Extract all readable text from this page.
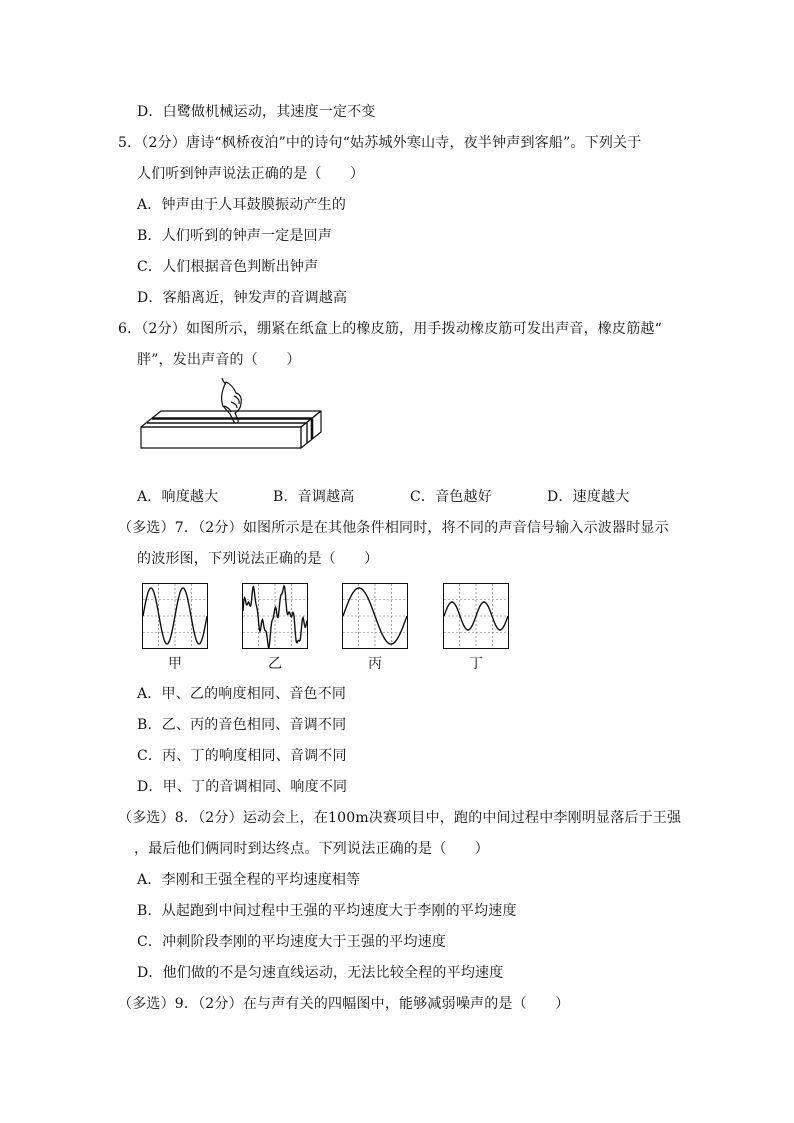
D．白鹭做机械运动，其速度一定不变
5．（2分）唐诗“枫桥夜泊”中的诗句“姑苏城外寒山寺，夜半钟声到客船”。下列关于
人们听到钟声说法正确的是（　　）
A．钟声由于人耳鼓膜振动产生的
B．人们听到的钟声一定是回声
C．人们根据音色判断出钟声
D．客船离近，钟发声的音调越高
6．（2分）如图所示，绷紧在纸盒上的橡皮筋，用手拨动橡皮筋可发出声音，橡皮筋越“
胖”，发出声音的（　　）
A．响度越大	B．音调越高	C．音色越好	D．速度越大
（多选）7．（2分）如图所示是在其他条件相同时，将不同的声音信号输入示波器时显示
的波形图，下列说法正确的是（　　）
甲	乙	丙	丁
A．甲、乙的响度相同、音色不同
B．乙、丙的音色相同、音调不同
C．丙、丁的响度相同、音调不同
D．甲、丁的音调相同、响度不同
（多选）8．（2分）运动会上，在100m决赛项目中，跑的中间过程中李刚明显落后于王强
，最后他们俩同时到达终点。下列说法正确的是（　　）
A．李刚和王强全程的平均速度相等
B．从起跑到中间过程中王强的平均速度大于李刚的平均速度
C．冲刺阶段李刚的平均速度大于王强的平均速度
D．他们做的不是匀速直线运动，无法比较全程的平均速度
（多选）9．（2分）在与声有关的四幅图中，能够减弱噪声的是（　　）
